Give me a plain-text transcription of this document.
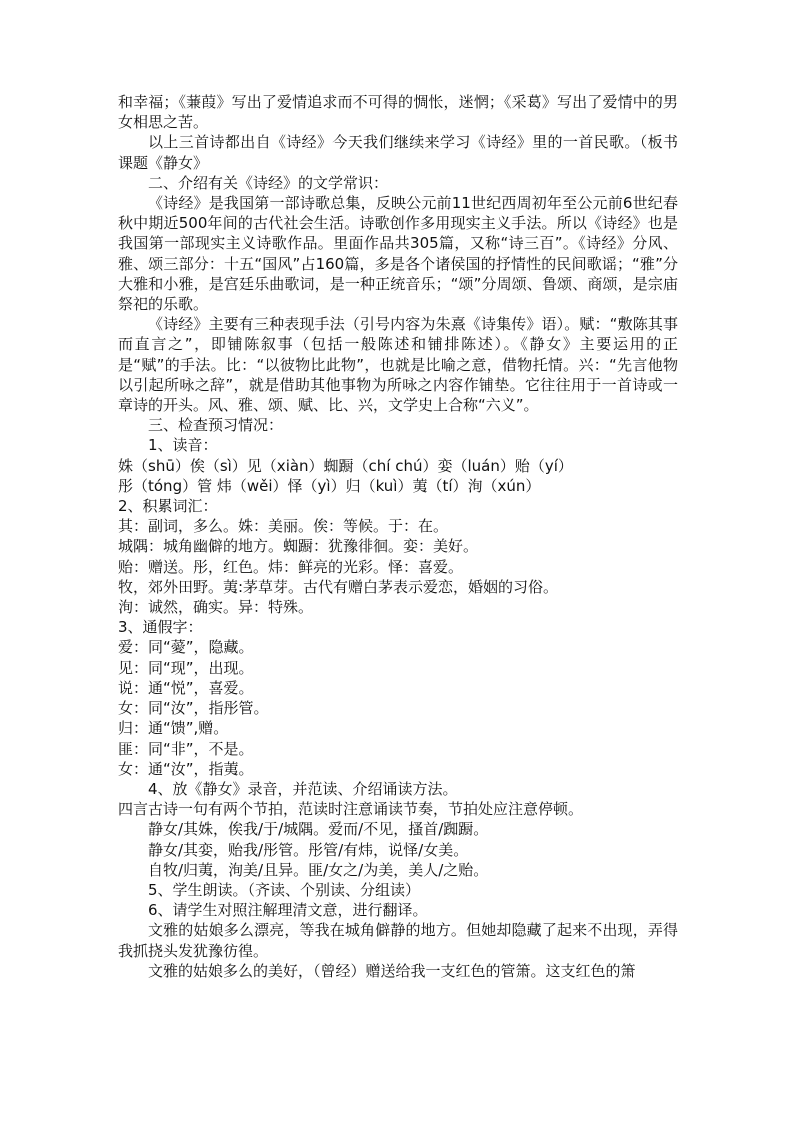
和幸福；《蒹葭》写出了爱情追求而不可得的惆怅，迷惘；《采葛》写出了爱情中的男女相思之苦。

以上三首诗都出自《诗经》今天我们继续来学习《诗经》里的一首民歌。（板书课题《静女》

二、介绍有关《诗经》的文学常识：

《诗经》是我国第一部诗歌总集，反映公元前11世纪西周初年至公元前6世纪春秋中期近500年间的古代社会生活。诗歌创作多用现实主义手法。所以《诗经》也是我国第一部现实主义诗歌作品。里面作品共305篇，又称“诗三百”。《诗经》分风、雅、颂三部分：十五“国风”占160篇，多是各个诸侯国的抒情性的民间歌谣；“雅”分大雅和小雅，是宫廷乐曲歌词，是一种正统音乐；“颂”分周颂、鲁颂、商颂，是宗庙祭祀的乐歌。

《诗经》主要有三种表现手法（引号内容为朱熹《诗集传》语）。赋：“敷陈其事而直言之”，即铺陈叙事（包括一般陈述和铺排陈述）。《静女》主要运用的正是“赋”的手法。比：“以彼物比此物”，也就是比喻之意，借物托情。兴：“先言他物以引起所咏之辞”，就是借助其他事物为所咏之内容作铺垫。它往往用于一首诗或一章诗的开头。风、雅、颂、赋、比、兴，文学史上合称“六义”。

三、检查预习情况：

1、读音：

姝（shū）俟（sì）见（xiàn）蜘蹰（chí chú）娈（luán）贻（yí）

彤（tóng）管 炜（wěi）怿（yì）归（kuì）荑（tí）洵（xún）

2、积累词汇：

其：副词，多么。姝：美丽。俟：等候。于：在。

城隅：城角幽僻的地方。蜘蹰：犹豫徘徊。娈：美好。

贻：赠送。彤，红色。炜：鲜亮的光彩。怿：喜爱。

牧，郊外田野。荑:茅草芽。古代有赠白茅表示爱恋，婚姻的习俗。

洵：诚然，确实。异：特殊。

3、通假字：

爱：同“薆”，隐藏。

见：同“现”，出现。

说：通“悦”，喜爱。

女：同“汝”，指彤管。

归：通“馈”,赠。

匪：同“非”，不是。

女：通“汝”，指荑。

4、放《静女》录音，并范读、介绍诵读方法。

四言古诗一句有两个节拍，范读时注意诵读节奏，节拍处应注意停顿。

静女/其姝，俟我/于/城隅。爱而/不见，搔首/踟蹰。

静女/其娈，贻我/彤管。彤管/有炜，说怿/女美。

自牧/归荑，洵美/且异。匪/女之/为美，美人/之贻。

5、学生朗读。（齐读、个别读、分组读）

6、请学生对照注解理清文意，进行翻译。

文雅的姑娘多么漂亮，等我在城角僻静的地方。但她却隐藏了起来不出现，弄得我抓挠头发犹豫彷徨。

文雅的姑娘多么的美好，（曾经）赠送给我一支红色的管箫。这支红色的箫
